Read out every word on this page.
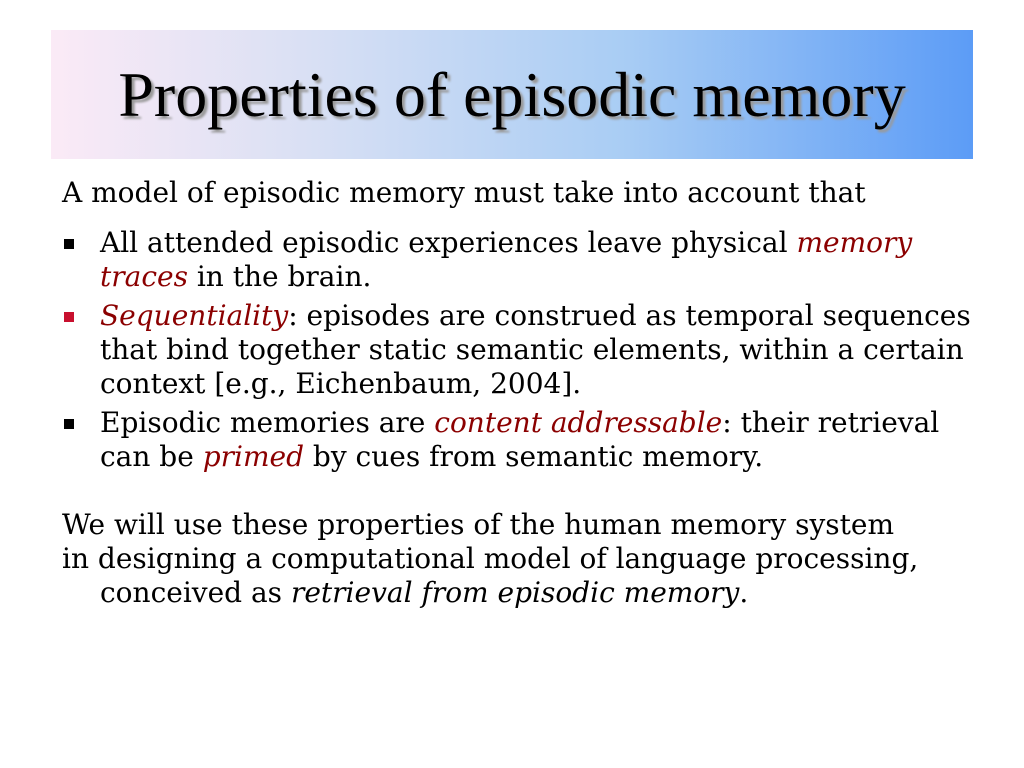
Properties of episodic memory

A model of episodic memory must take into account that

All attended episodic experiences leave physical memory traces in the brain.
Sequentiality: episodes are construed as temporal sequences that bind together static semantic elements, within a certain context [e.g., Eichenbaum, 2004].
Episodic memories are content addressable: their retrieval can be primed by cues from semantic memory.

We will use these properties of the human memory system

in designing a computational model of language processing, conceived as retrieval from episodic memory.
